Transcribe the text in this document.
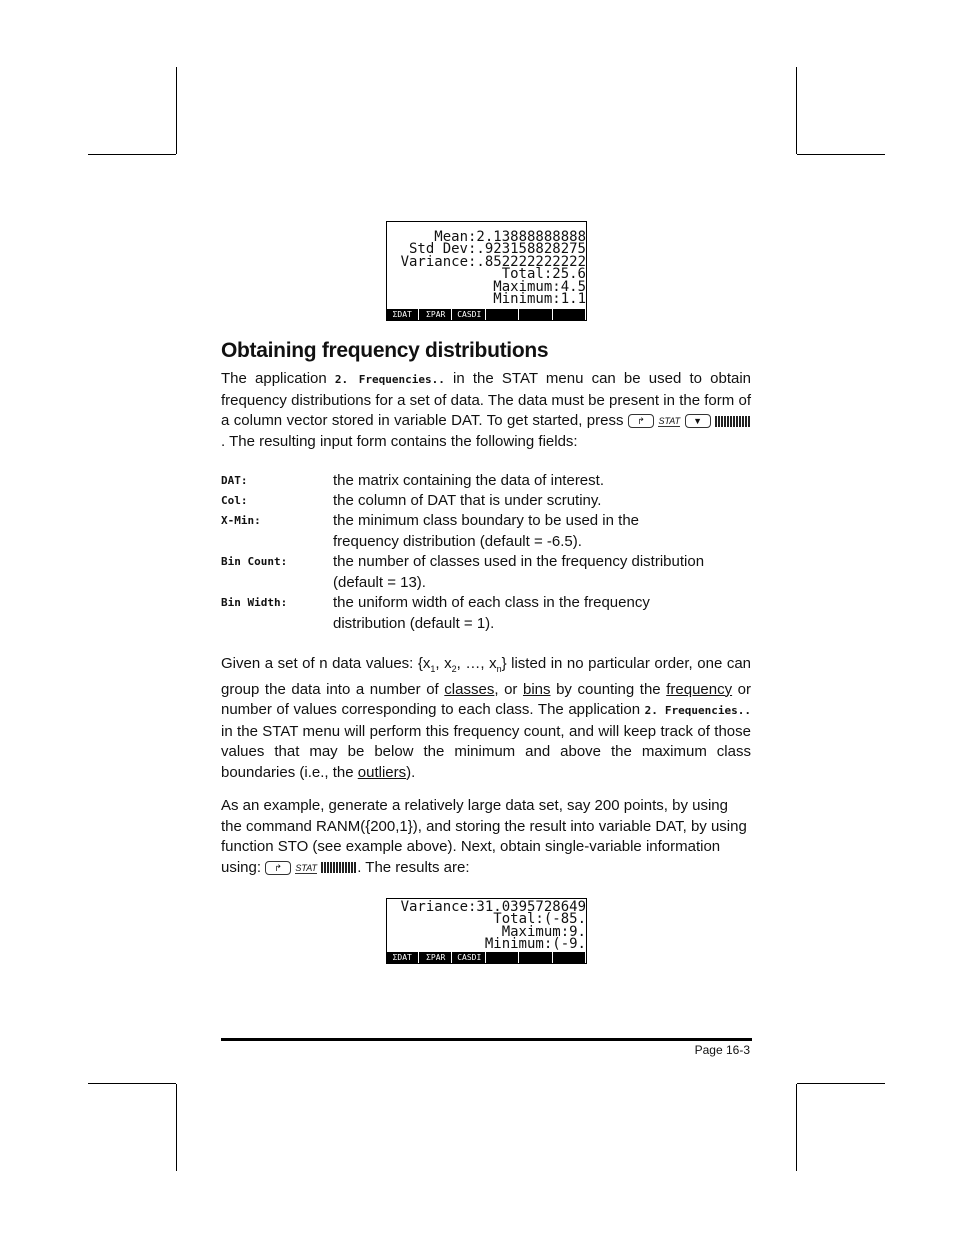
Mean:2.13888888888
Std Dev:.923158828275
Variance:.852222222222
Total:25.6
Maximum:4.5
Minimum:1.1
ΣDAT	ΣPAR	CASDI
Obtaining frequency distributions
The application 2. Frequencies.. in the STAT menu can be used to obtain frequency distributions for a set of data. The data must be present in the form of a column vector stored in variable DAT. To get started, press ↱ STAT ▼ . The resulting input form contains the following fields:
DAT:	the matrix containing the data of interest.
Col:	the column of DAT that is under scrutiny.
X-Min:	the minimum class boundary to be used in the frequency distribution (default = -6.5).
Bin Count:	the number of classes used in the frequency distribution (default = 13).
Bin Width:	the uniform width of each class in the frequency distribution (default = 1).
Given a set of n data values: {$x_1$, $x_2$, …, $x_n$} listed in no particular order, one can group the data into a number of classes, or bins by counting the frequency or number of values corresponding to each class. The application 2. Frequencies.. in the STAT menu will perform this frequency count, and will keep track of those values that may be below the minimum and above the maximum class boundaries (i.e., the outliers).
As an example, generate a relatively large data set, say 200 points, by using the command RANM({200,1}), and storing the result into variable DAT, by using function STO (see example above). Next, obtain single-variable information using: ↱ STAT	. The results are:
Variance:31.0395728649
Total:(-85.
Maximum:9.
Minimum:(-9.
ΣDAT	ΣPAR	CASDI
Page 16-3
